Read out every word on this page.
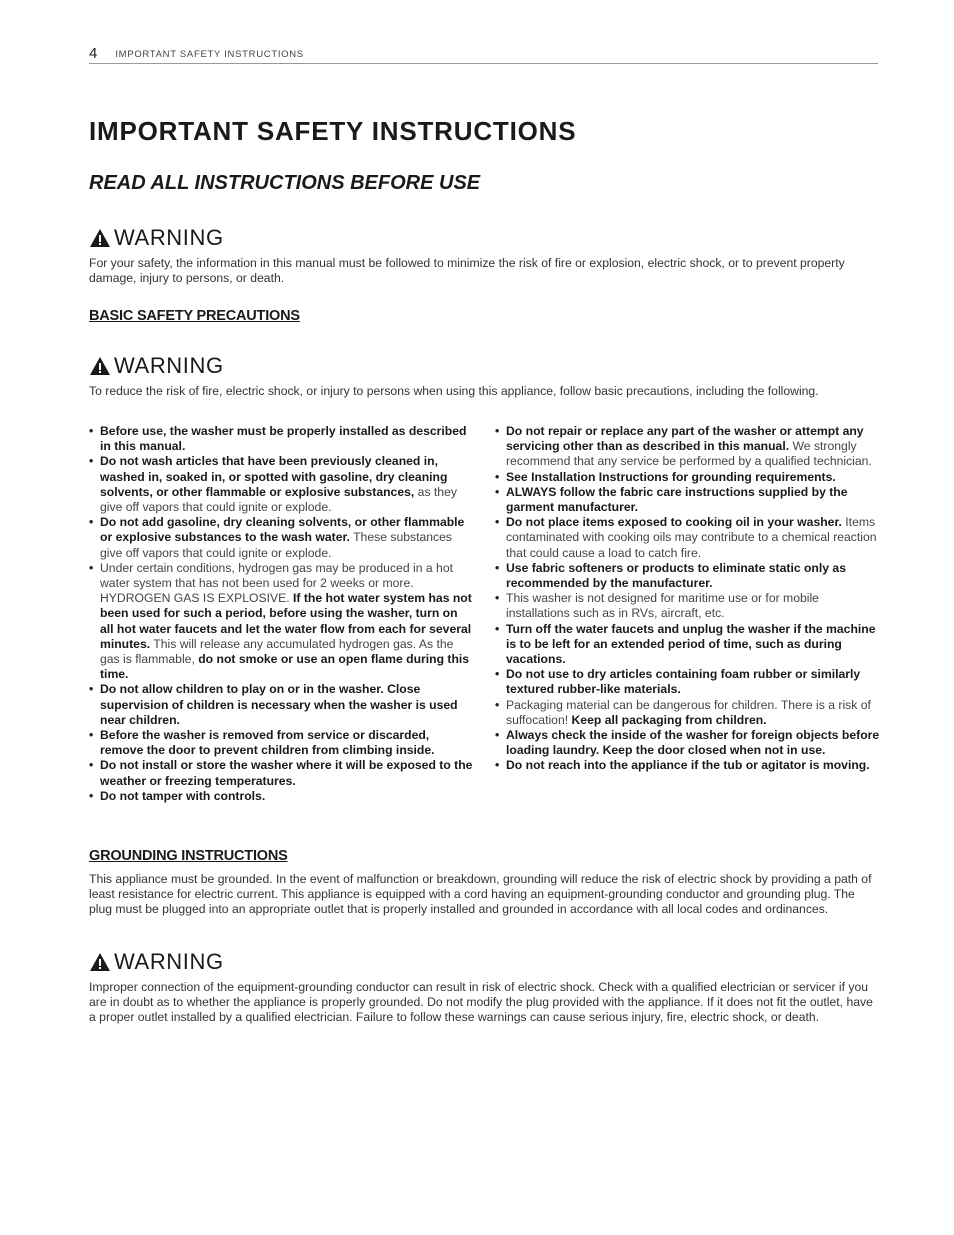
4 IMPORTANT SAFETY INSTRUCTIONS
IMPORTANT SAFETY INSTRUCTIONS
READ ALL INSTRUCTIONS BEFORE USE
WARNING
For your safety, the information in this manual must be followed to minimize the risk of fire or explosion, electric shock, or to prevent property damage, injury to persons, or death.
BASIC SAFETY PRECAUTIONS
WARNING
To reduce the risk of fire, electric shock, or injury to persons when using this appliance, follow basic precautions, including the following.
• Before use, the washer must be properly installed as described in this manual.
• Do not wash articles that have been previously cleaned in, washed in, soaked in, or spotted with gasoline, dry cleaning solvents, or other flammable or explosive substances, as they give off vapors that could ignite or explode.
• Do not add gasoline, dry cleaning solvents, or other flammable or explosive substances to the wash water. These substances give off vapors that could ignite or explode.
• Under certain conditions, hydrogen gas may be produced in a hot water system that has not been used for 2 weeks or more. HYDROGEN GAS IS EXPLOSIVE. If the hot water system has not been used for such a period, before using the washer, turn on all hot water faucets and let the water flow from each for several minutes. This will release any accumulated hydrogen gas. As the gas is flammable, do not smoke or use an open flame during this time.
• Do not allow children to play on or in the washer. Close supervision of children is necessary when the washer is used near children.
• Before the washer is removed from service or discarded, remove the door to prevent children from climbing inside.
• Do not install or store the washer where it will be exposed to the weather or freezing temperatures.
• Do not tamper with controls.
• Do not repair or replace any part of the washer or attempt any servicing other than as described in this manual. We strongly recommend that any service be performed by a qualified technician.
• See Installation Instructions for grounding requirements.
• ALWAYS follow the fabric care instructions supplied by the garment manufacturer.
• Do not place items exposed to cooking oil in your washer. Items contaminated with cooking oils may contribute to a chemical reaction that could cause a load to catch fire.
• Use fabric softeners or products to eliminate static only as recommended by the manufacturer.
• This washer is not designed for maritime use or for mobile installations such as in RVs, aircraft, etc.
• Turn off the water faucets and unplug the washer if the machine is to be left for an extended period of time, such as during vacations.
• Do not use to dry articles containing foam rubber or similarly textured rubber-like materials.
• Packaging material can be dangerous for children. There is a risk of suffocation! Keep all packaging from children.
• Always check the inside of the washer for foreign objects before loading laundry. Keep the door closed when not in use.
• Do not reach into the appliance if the tub or agitator is moving.
GROUNDING INSTRUCTIONS

This appliance must be grounded. In the event of malfunction or breakdown, grounding will reduce the risk of electric shock by providing a path of least resistance for electric current. This appliance is equipped with a cord having an equipment-grounding conductor and grounding plug. The plug must be plugged into an appropriate outlet that is properly installed and grounded in accordance with all local codes and ordinances.

WARNING
Improper connection of the equipment-grounding conductor can result in risk of electric shock. Check with a qualified electrician or servicer if you are in doubt as to whether the appliance is properly grounded. Do not modify the plug provided with the appliance. If it does not fit the outlet, have a proper outlet installed by a qualified electrician. Failure to follow these warnings can cause serious injury, fire, electric shock, or death.
